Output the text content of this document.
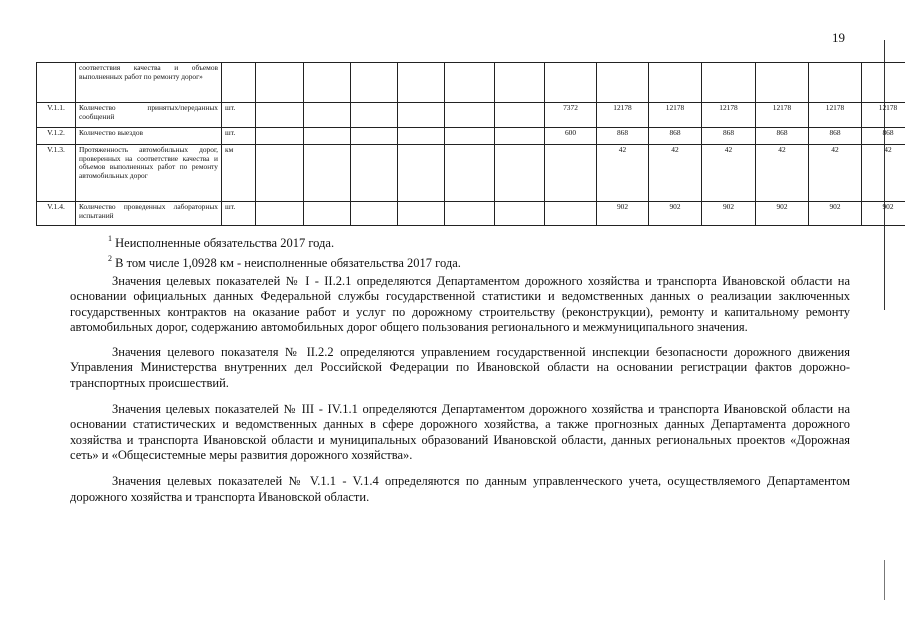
19
	соответствия качества и объемов выполненных работ по ремонту дорог»														
V.1.1.	Количество принятых/переданных сообщений	шт.							7372	12178	12178	12178	12178	12178	12178
V.1.2.	Количество выездов	шт.							600	868	868	868	868	868	868
V.1.3.	Протяженность автомобильных дорог, проверенных на соответствие качества и объемов выполненных работ по ремонту автомобильных дорог	км								42	42	42	42	42	42
V.1.4.	Количество проведенных лабораторных испытаний	шт.								902	902	902	902	902	902
$^1$ Неисполненные обязательства 2017 года.
$^2$ В том числе 1,0928 км - неисполненные обязательства 2017 года.

Значения целевых показателей № I - II.2.1 определяются Департаментом дорожного хозяйства и транспорта Ивановской области на основании официальных данных Федеральной службы государственной статистики и ведомственных данных о реализации заключенных государственных контрактов на оказание работ и услуг по дорожному строительству (реконструкции), ремонту и капитальному ремонту автомобильных дорог, содержанию автомобильных дорог общего пользования регионального и межмуниципального значения.

Значения целевого показателя № II.2.2 определяются управлением государственной инспекции безопасности дорожного движения Управления Министерства внутренних дел Российской Федерации по Ивановской области на основании регистрации фактов дорожно-транспортных происшествий.

Значения целевых показателей № III - IV.1.1 определяются Департаментом дорожного хозяйства и транспорта Ивановской области на основании статистических и ведомственных данных в сфере дорожного хозяйства, а также прогнозных данных Департамента дорожного хозяйства и транспорта Ивановской области и муниципальных образований Ивановской области, данных региональных проектов «Дорожная сеть» и «Общесистемные меры развития дорожного хозяйства».

Значения целевых показателей № V.1.1 - V.1.4 определяются по данным управленческого учета, осуществляемого Департаментом дорожного хозяйства и транспорта Ивановской области.
